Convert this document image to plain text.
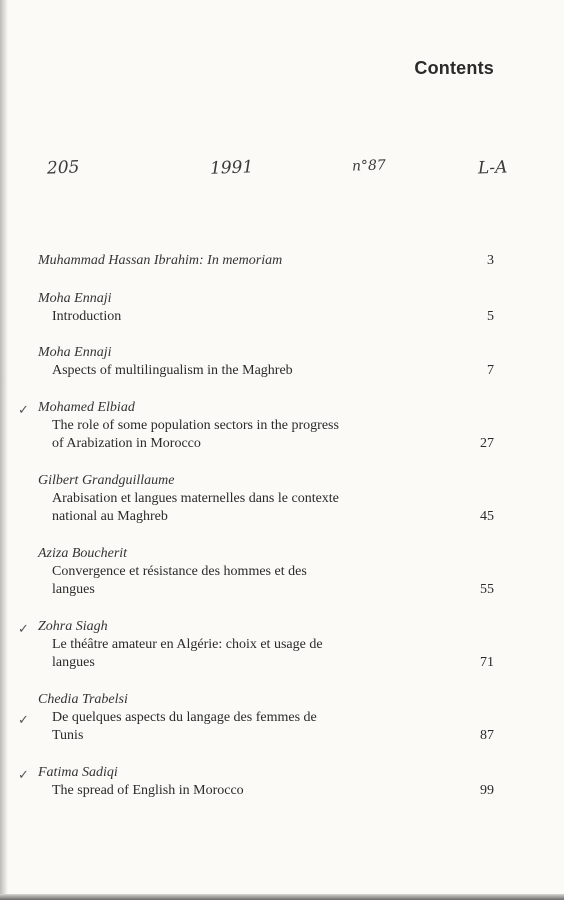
Contents
205	1991	n°87	L-A
Muhammad Hassan Ibrahim: In memoriam	3
Moha Ennaji
Introduction	5
Moha Ennaji
Aspects of multilingualism in the Maghreb	7
✓ Mohamed Elbiad
The role of some population sectors in the progress
of Arabization in Morocco	27
Gilbert Grandguillaume
Arabisation et langues maternelles dans le contexte
national au Maghreb	45
Aziza Boucherit
Convergence et résistance des hommes et des
langues	55
✓ Zohra Siagh
Le théâtre amateur en Algérie: choix et usage de
langues	71
✓
Chedia Trabelsi
De quelques aspects du langage des femmes de
Tunis	87
✓ Fatima Sadiqi
The spread of English in Morocco	99
